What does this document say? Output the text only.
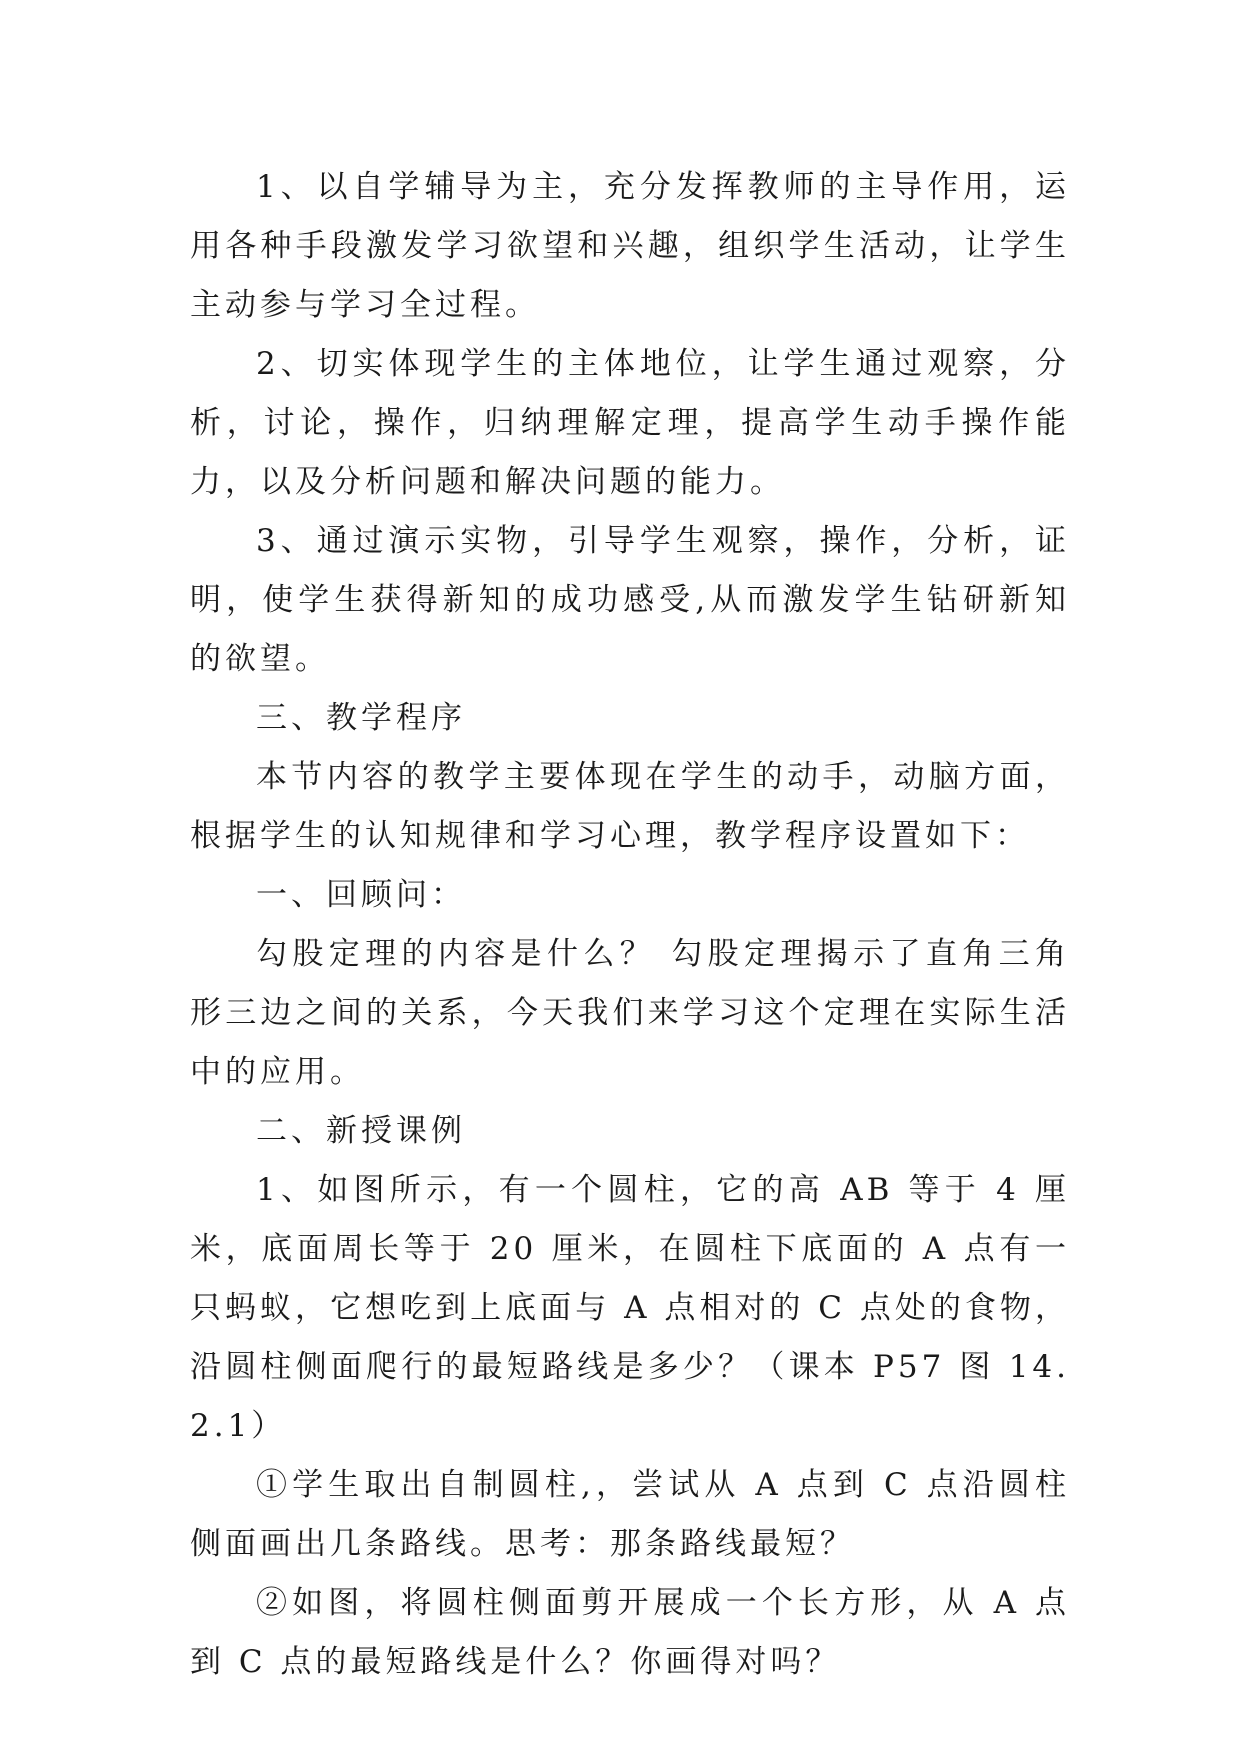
1、以自学辅导为主，充分发挥教师的主导作用，运用各种手段激发学习欲望和兴趣，组织学生活动，让学生主动参与学习全过程。

2、切实体现学生的主体地位，让学生通过观察，分析，讨论，操作，归纳理解定理，提高学生动手操作能力，以及分析问题和解决问题的能力。

3、通过演示实物，引导学生观察，操作，分析，证明，使学生获得新知的成功感受,从而激发学生钻研新知的欲望。

三、教学程序

本节内容的教学主要体现在学生的动手，动脑方面，根据学生的认知规律和学习心理，教学程序设置如下：

一、回顾问：

勾股定理的内容是什么？ 勾股定理揭示了直角三角形三边之间的关系，今天我们来学习这个定理在实际生活中的应用。

二、新授课例

1、如图所示，有一个圆柱，它的高 AB 等于 4 厘米，底面周长等于 20 厘米，在圆柱下底面的 A 点有一只蚂蚁，它想吃到上底面与 A 点相对的 C 点处的食物，沿圆柱侧面爬行的最短路线是多少？（课本 P57 图 14.2.1）

①学生取出自制圆柱,，尝试从 A 点到 C 点沿圆柱侧面画出几条路线。思考：那条路线最短？

②如图，将圆柱侧面剪开展成一个长方形，从 A 点到 C 点的最短路线是什么？你画得对吗？
